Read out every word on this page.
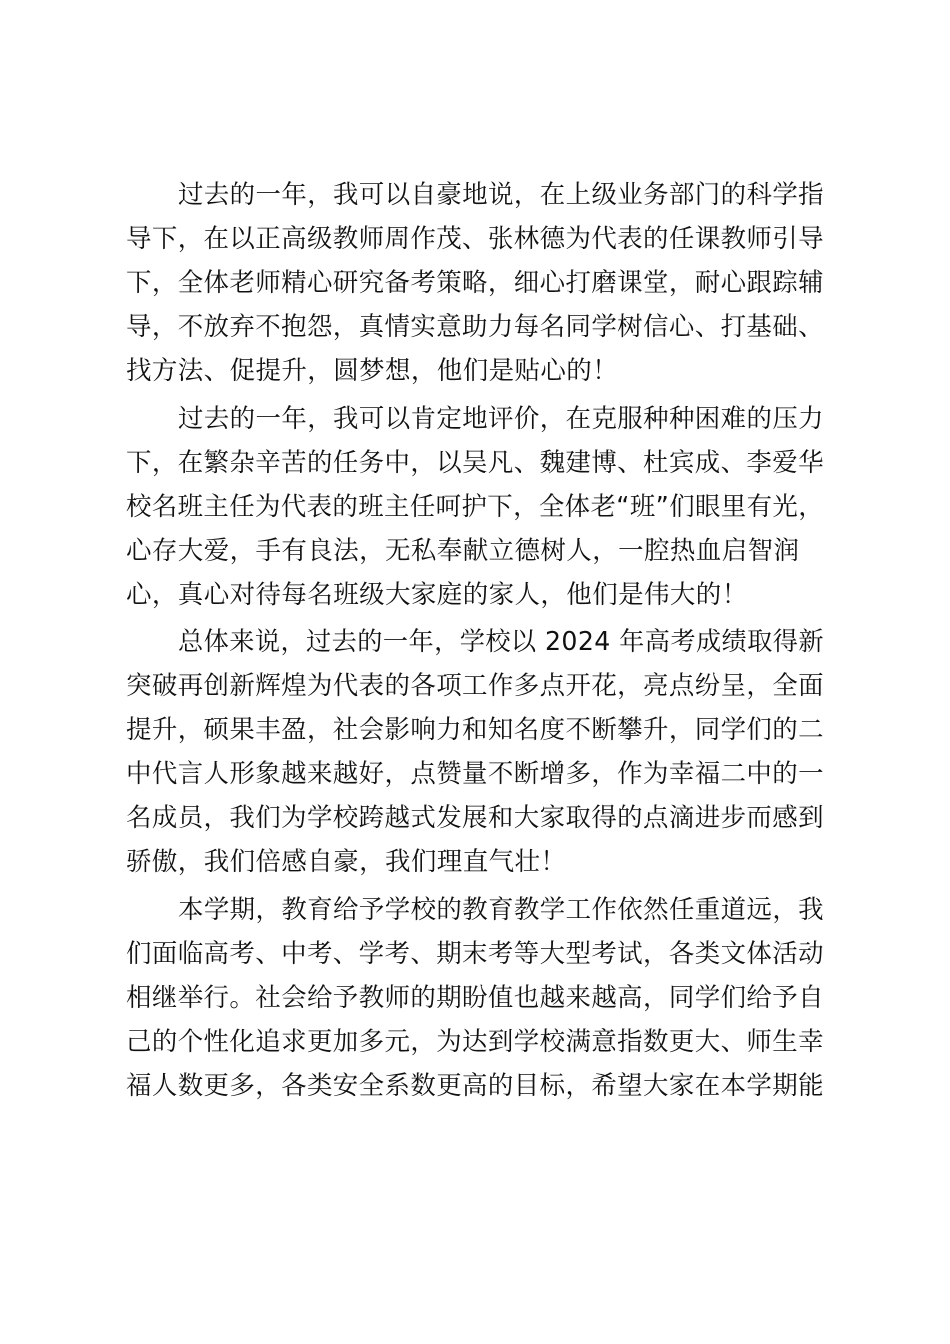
过去的一年，我可以自豪地说，在上级业务部门的科学指
导下，在以正高级教师周作茂、张林德为代表的任课教师引导
下，全体老师精心研究备考策略，细心打磨课堂，耐心跟踪辅
导，不放弃不抱怨，真情实意助力每名同学树信心、打基础、
找方法、促提升，圆梦想，他们是贴心的！
过去的一年，我可以肯定地评价，在克服种种困难的压力
下，在繁杂辛苦的任务中，以吴凡、魏建博、杜宾成、李爱华
校名班主任为代表的班主任呵护下，全体老“班”们眼里有光，
心存大爱，手有良法，无私奉献立德树人，一腔热血启智润
心，真心对待每名班级大家庭的家人，他们是伟大的！
总体来说，过去的一年，学校以 2024 年高考成绩取得新
突破再创新辉煌为代表的各项工作多点开花，亮点纷呈，全面
提升，硕果丰盈，社会影响力和知名度不断攀升，同学们的二
中代言人形象越来越好，点赞量不断增多，作为幸福二中的一
名成员，我们为学校跨越式发展和大家取得的点滴进步而感到
骄傲，我们倍感自豪，我们理直气壮！
本学期，教育给予学校的教育教学工作依然任重道远，我
们面临高考、中考、学考、期末考等大型考试，各类文体活动
相继举行。社会给予教师的期盼值也越来越高，同学们给予自
己的个性化追求更加多元，为达到学校满意指数更大、师生幸
福人数更多，各类安全系数更高的目标，希望大家在本学期能
